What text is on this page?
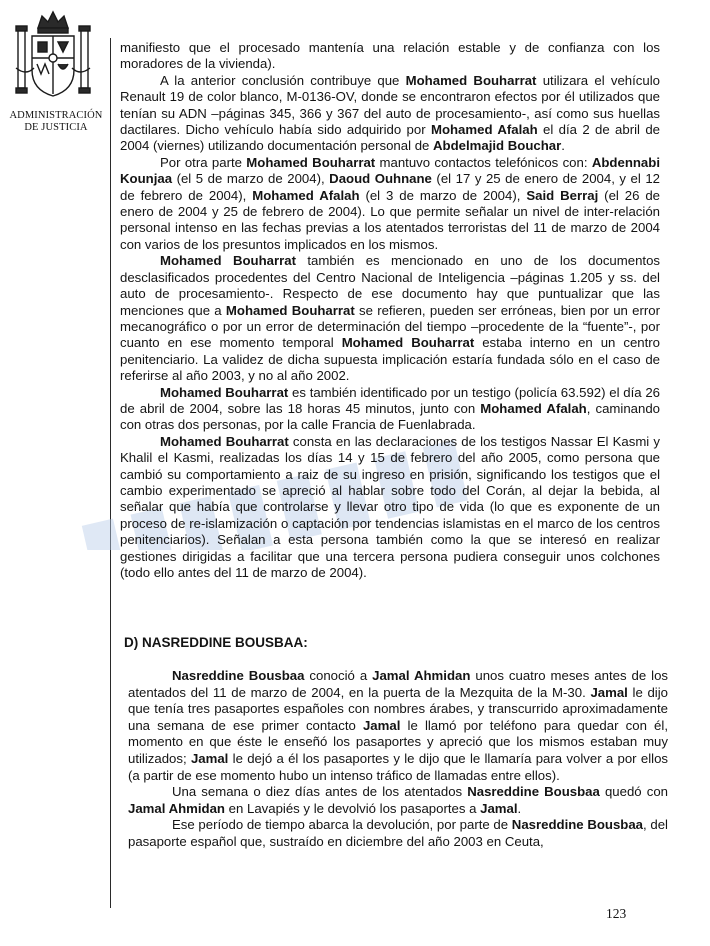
ADMINISTRACIÓN
DE JUSTICIA

manifiesto que el procesado mantenía una relación estable y de confianza con los moradores de la vivienda).

A la anterior conclusión contribuye que Mohamed Bouharrat utilizara el vehículo Renault 19 de color blanco, M-0136-OV, donde se encontraron efectos por él utilizados que tenían su ADN –páginas 345, 366 y 367 del auto de procesamiento-, así como sus huellas dactilares. Dicho vehículo había sido adquirido por Mohamed Afalah el día 2 de abril de 2004 (viernes) utilizando documentación personal de Abdelmajid Bouchar.

Por otra parte Mohamed Bouharrat mantuvo contactos telefónicos con: Abdennabi Kounjaa (el 5 de marzo de 2004), Daoud Ouhnane (el 17 y 25 de enero de 2004, y el 12 de febrero de 2004), Mohamed Afalah (el 3 de marzo de 2004), Said Berraj (el 26 de enero de 2004 y 25 de febrero de 2004). Lo que permite señalar un nivel de inter-relación personal intenso en las fechas previas a los atentados terroristas del 11 de marzo de 2004 con varios de los presuntos implicados en los mismos.

Mohamed Bouharrat también es mencionado en uno de los documentos desclasificados procedentes del Centro Nacional de Inteligencia –páginas 1.205 y ss. del auto de procesamiento-. Respecto de ese documento hay que puntualizar que las menciones que a Mohamed Bouharrat se refieren, pueden ser erróneas, bien por un error mecanográfico o por un error de determinación del tiempo –procedente de la “fuente”-, por cuanto en ese momento temporal Mohamed Bouharrat estaba interno en un centro penitenciario. La validez de dicha supuesta implicación estaría fundada sólo en el caso de referirse al año 2003, y no al año 2002.

Mohamed Bouharrat es también identificado por un testigo (policía 63.592) el día 26 de abril de 2004, sobre las 18 horas 45 minutos, junto con Mohamed Afalah, caminando con otras dos personas, por la calle Francia de Fuenlabrada.

Mohamed Bouharrat consta en las declaraciones de los testigos Nassar El Kasmi y Khalil el Kasmi, realizadas los días 14 y 15 de febrero del año 2005, como persona que cambió su comportamiento a raiz de su ingreso en prisión, significando los testigos que el cambio experimentado se apreció al hablar sobre todo del Corán, al dejar la bebida, al señalar que había que controlarse y llevar otro tipo de vida (lo que es exponente de un proceso de re-islamización o captación por tendencias islamistas en el marco de los centros penitenciarios). Señalan a esta persona también como la que se interesó en realizar gestiones dirigidas a facilitar que una tercera persona pudiera conseguir unos colchones (todo ello antes del 11 de marzo de 2004).

D) NASREDDINE BOUSBAA:

Nasreddine Bousbaa conoció a Jamal Ahmidan unos cuatro meses antes de los atentados del 11 de marzo de 2004, en la puerta de la Mezquita de la M-30. Jamal le dijo que tenía tres pasaportes españoles con nombres árabes, y transcurrido aproximadamente una semana de ese primer contacto Jamal le llamó por teléfono para quedar con él, momento en que éste le enseñó los pasaportes y apreció que los mismos estaban muy utilizados; Jamal le dejó a él los pasaportes y le dijo que le llamaría para volver a por ellos (a partir de ese momento hubo un intenso tráfico de llamadas entre ellos).

Una semana o diez días antes de los atentados Nasreddine Bousbaa quedó con Jamal Ahmidan en Lavapiés y le devolvió los pasaportes a Jamal.

Ese período de tiempo abarca la devolución, por parte de Nasreddine Bousbaa, del pasaporte español que, sustraído en diciembre del año 2003 en Ceuta,

123
